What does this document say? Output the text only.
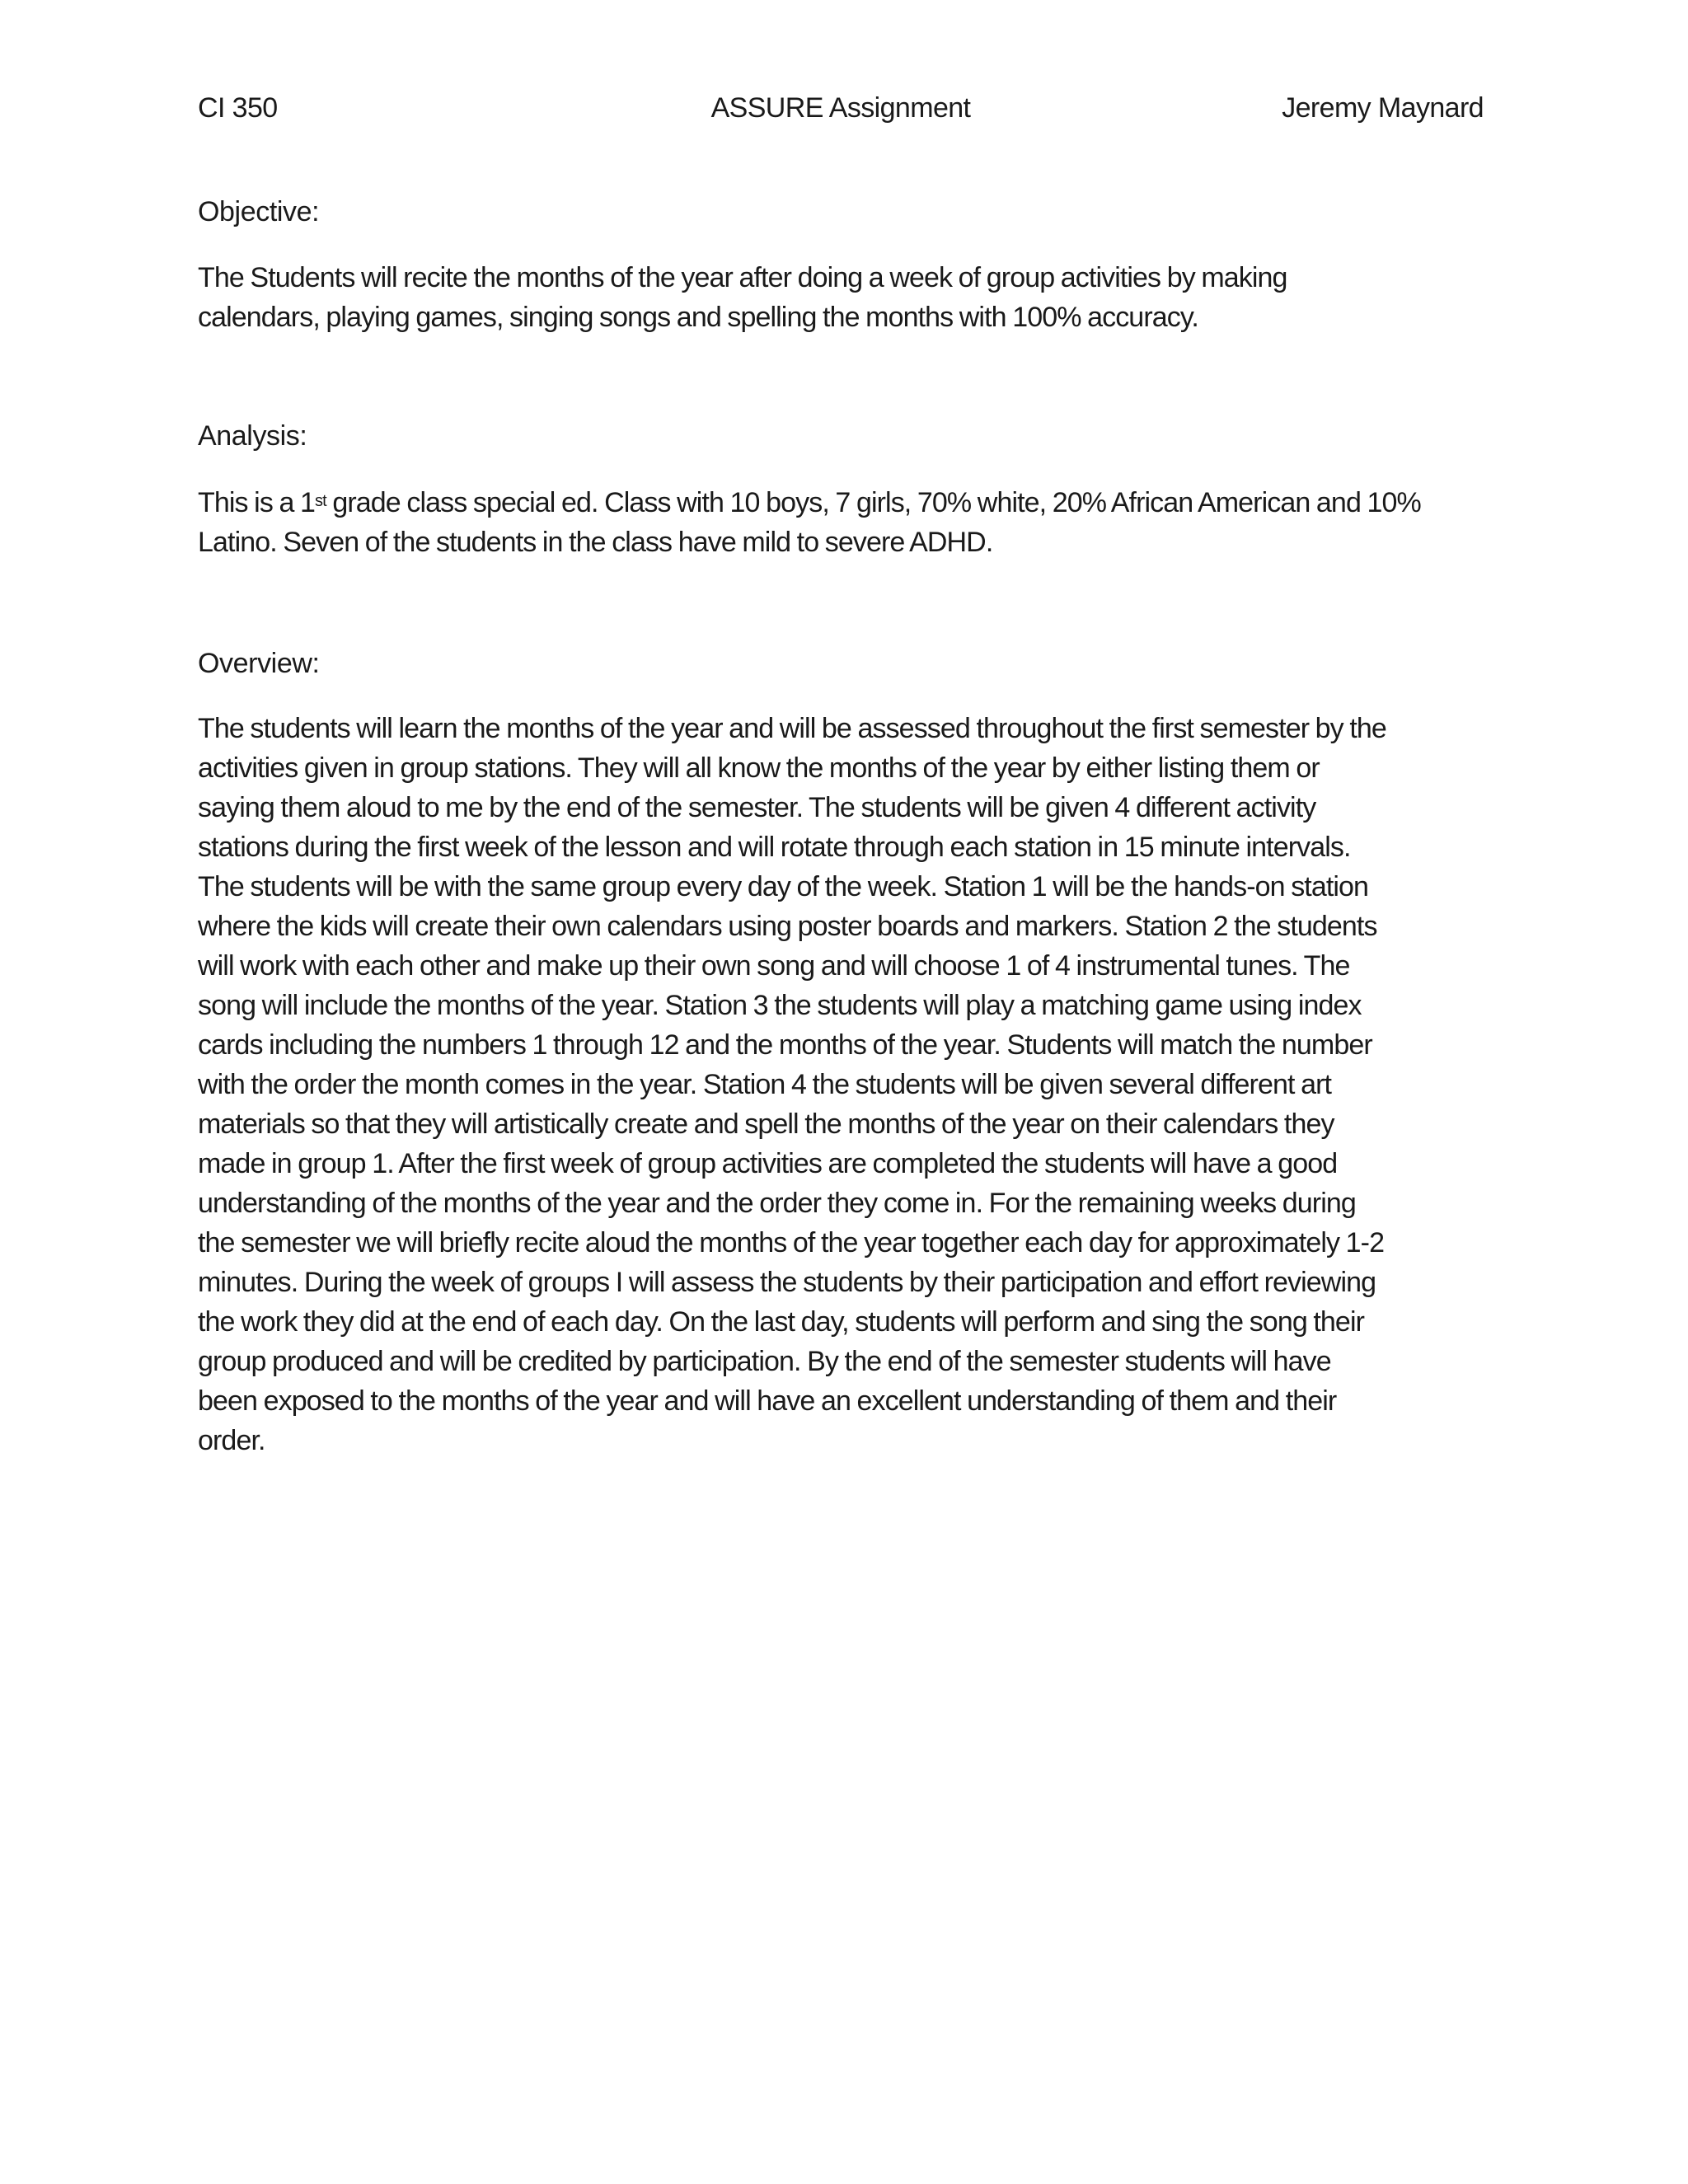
CI 350	ASSURE Assignment	Jeremy Maynard
Objective:
The Students will recite the months of the year after doing a week of group activities by making
calendars, playing games, singing songs and spelling the months with 100% accuracy.
Analysis:
This is a 1st grade class special ed. Class with 10 boys, 7 girls, 70% white, 20% African American and 10%
Latino. Seven of the students in the class have mild to severe ADHD.
Overview:
The students will learn the months of the year and will be assessed throughout the first semester by the
activities given in group stations. They will all know the months of the year by either listing them or
saying them aloud to me by the end of the semester. The students will be given 4 different activity
stations during the first week of the lesson and will rotate through each station in 15 minute intervals.
The students will be with the same group every day of the week. Station 1 will be the hands-on station
where the kids will create their own calendars using poster boards and markers. Station 2 the students
will work with each other and make up their own song and will choose 1 of 4 instrumental tunes. The
song will include the months of the year. Station 3 the students will play a matching game using index
cards including the numbers 1 through 12 and the months of the year. Students will match the number
with the order the month comes in the year. Station 4 the students will be given several different art
materials so that they will artistically create and spell the months of the year on their calendars they
made in group 1. After the first week of group activities are completed the students will have a good
understanding of the months of the year and the order they come in. For the remaining weeks during
the semester we will briefly recite aloud the months of the year together each day for approximately 1-2
minutes. During the week of groups I will assess the students by their participation and effort reviewing
the work they did at the end of each day. On the last day, students will perform and sing the song their
group produced and will be credited by participation. By the end of the semester students will have
been exposed to the months of the year and will have an excellent understanding of them and their
order.
